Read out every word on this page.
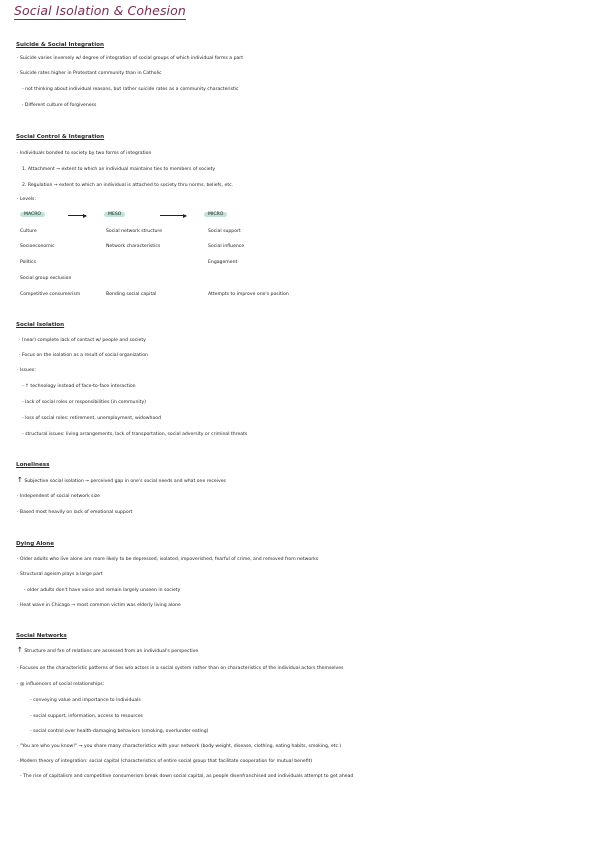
Social Isolation & Cohesion
Suicide & Social Integration
· Suicide varies inversely w/ degree of integration of social groups of which individual forms a part
· Suicide rates higher in Protestant community than in Catholic
- not thinking about individual reasons, but rather suicide rates as a community characteristic
· Different culture of forgiveness
Social Control & Integration
· Individuals bonded to society by two forms of integration
1. Attachment → extent to which an individual maintains ties to members of society
2. Regulation → extent to which an individual is attached to society thru norms, beliefs, etc.
· Levels:
MACRO	MESO	MICRO
Culture
Socioeconomic
Politics
Social group exclusion
Competitive consumerism
Social network structure
Network characteristics
Bonding social capital
Social support
Social influence
Engagement
Attempts to improve one's position
Social Isolation
· (near) complete lack of contact w/ people and society
· Focus on the isolation as a result of social organization
· Issues:
- ↑ technology instead of face-to-face interaction
- lack of social roles or responsibilities (in community)
- loss of social roles: retirement, unemployment, widowhood
- structural issues: living arrangements, lack of transportation, social adversity or criminal threats
Loneliness
↑ Subjective social isolation → perceived gap in one's social needs and what one receives
· Independent of social network size
· Based most heavily on lack of emotional support
Dying Alone
· Older adults who live alone are more likely to be depressed, isolated, impoverished, fearful of crime, and removed from networks
· Structural ageism plays a large part
- older adults don't have voice and remain largely unseen in society
· Heat wave in Chicago → most common victim was elderly living alone
Social Networks
↑ Structure and fxn of relations are assessed from an individual's perspective
· Focuses on the characteristic patterns of ties w/o actors in a social system rather than on characteristics of the individual actors themselves
· @ influencers of social relationships:
- conveying value and importance to individuals
- social support, information, access to resources
- social control over health-damaging behaviors (smoking, overlunder eating)
· "You are who you know!" → you share many characteristics with your network (body weight, disease, clothing, eating habits, smoking, etc.)
· Modern theory of integration: social capital (characteristics of entire social group that facilitate cooperation for mutual benefit)
- The rise of capitalism and competitive consumerism break down social capital, as people disenfranchised and individuals attempt to get ahead
